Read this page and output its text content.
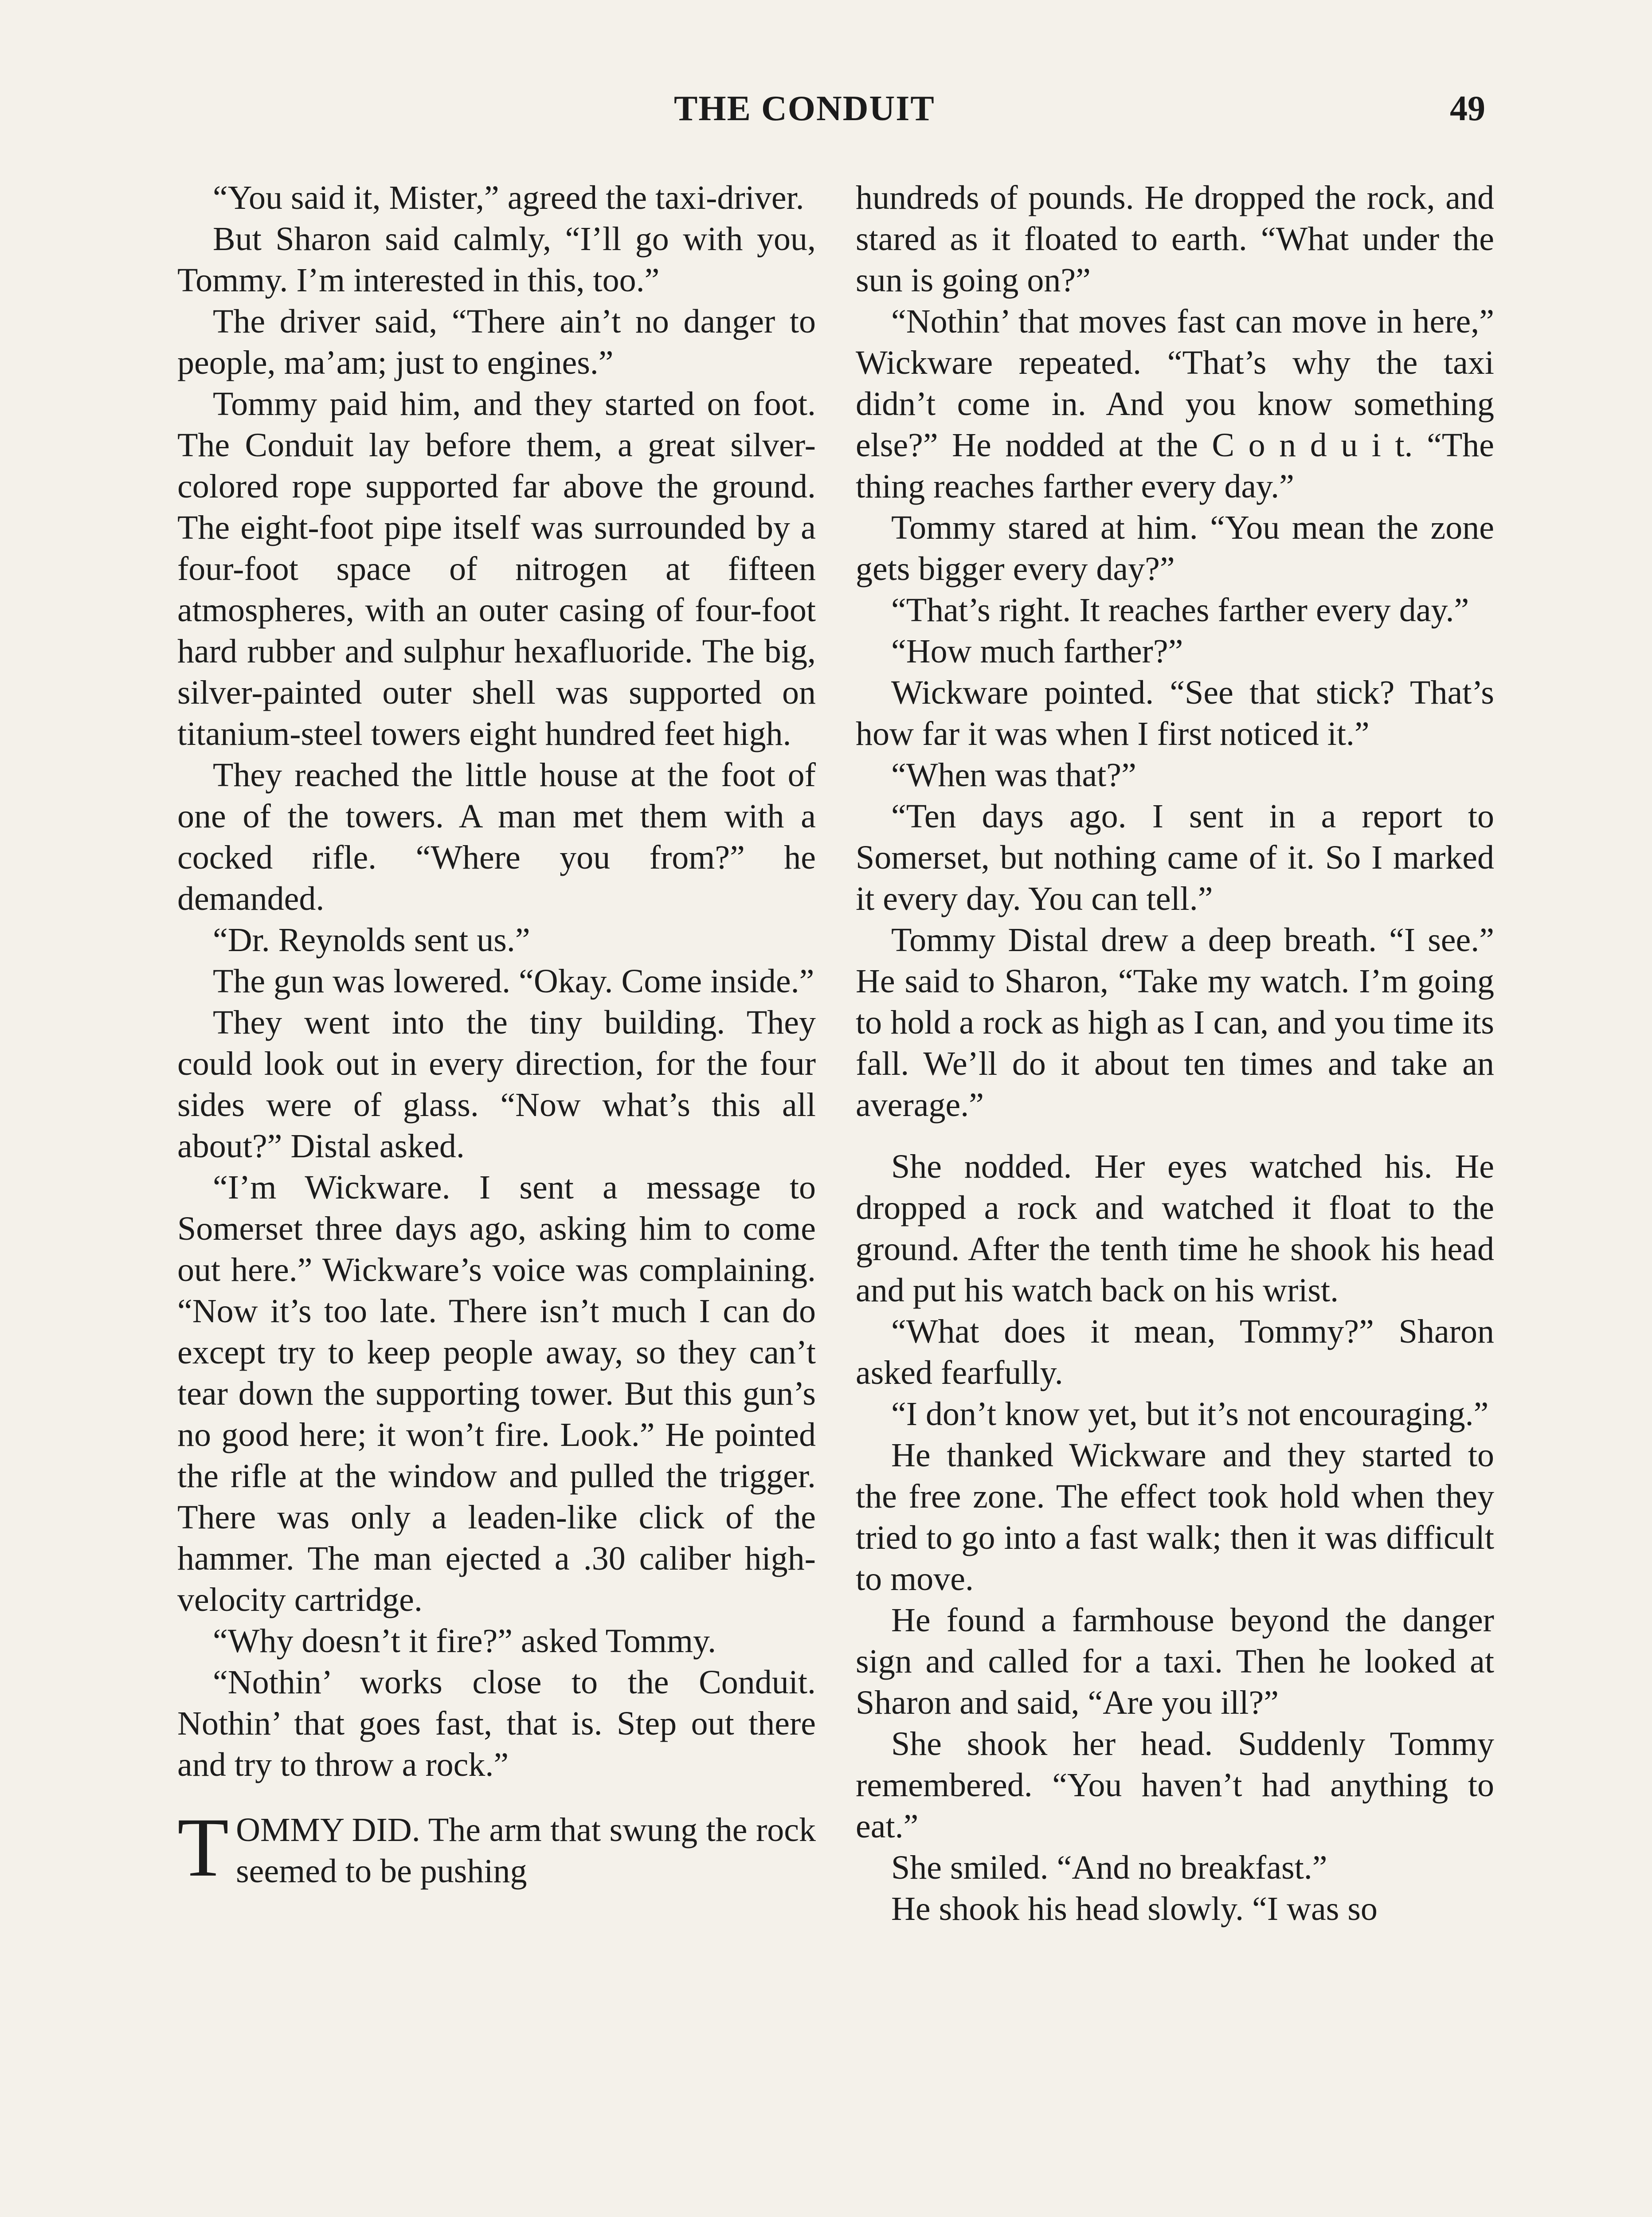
THE CONDUIT	49

“You said it, Mister,” agreed the taxi-driver.

But Sharon said calmly, “I’ll go with you, Tommy. I’m interested in this, too.”

The driver said, “There ain’t no danger to people, ma’am; just to engines.”

Tommy paid him, and they started on foot. The Conduit lay before them, a great silver-colored rope supported far above the ground. The eight-foot pipe itself was surrounded by a four-foot space of nitrogen at fifteen atmospheres, with an outer casing of four-foot hard rubber and sulphur hexafluoride. The big, silver-painted outer shell was supported on titanium-steel towers eight hundred feet high.

They reached the little house at the foot of one of the towers. A man met them with a cocked rifle. “Where you from?” he demanded.

“Dr. Reynolds sent us.”

The gun was lowered. “Okay. Come inside.”

They went into the tiny building. They could look out in every direction, for the four sides were of glass. “Now what’s this all about?” Distal asked.

“I’m Wickware. I sent a message to Somerset three days ago, asking him to come out here.” Wickware’s voice was complaining. “Now it’s too late. There isn’t much I can do except try to keep people away, so they can’t tear down the supporting tower. But this gun’s no good here; it won’t fire. Look.” He pointed the rifle at the window and pulled the trigger. There was only a leaden-like click of the hammer. The man ejected a .30 caliber high-velocity cartridge.

“Why doesn’t it fire?” asked Tommy.

“Nothin’ works close to the Conduit. Nothin’ that goes fast, that is. Step out there and try to throw a rock.”

T OMMY DID. The arm that swung the rock seemed to be pushing

hundreds of pounds. He dropped the rock, and stared as it floated to earth. “What under the sun is going on?”

“Nothin’ that moves fast can move in here,” Wickware repeated. “That’s why the taxi didn’t come in. And you know something else?” He nodded at the C o n d u i t. “The thing reaches farther every day.”

Tommy stared at him. “You mean the zone gets bigger every day?”

“That’s right. It reaches farther every day.”

“How much farther?”

Wickware pointed. “See that stick? That’s how far it was when I first noticed it.”

“When was that?”

“Ten days ago. I sent in a report to Somerset, but nothing came of it. So I marked it every day. You can tell.”

Tommy Distal drew a deep breath. “I see.” He said to Sharon, “Take my watch. I’m going to hold a rock as high as I can, and you time its fall. We’ll do it about ten times and take an average.”

She nodded. Her eyes watched his. He dropped a rock and watched it float to the ground. After the tenth time he shook his head and put his watch back on his wrist.

“What does it mean, Tommy?” Sharon asked fearfully.

“I don’t know yet, but it’s not encouraging.”

He thanked Wickware and they started to the free zone. The effect took hold when they tried to go into a fast walk; then it was difficult to move.

He found a farmhouse beyond the danger sign and called for a taxi. Then he looked at Sharon and said, “Are you ill?”

She shook her head. Suddenly Tommy remembered. “You haven’t had anything to eat.”

She smiled. “And no breakfast.”

He shook his head slowly. “I was so
